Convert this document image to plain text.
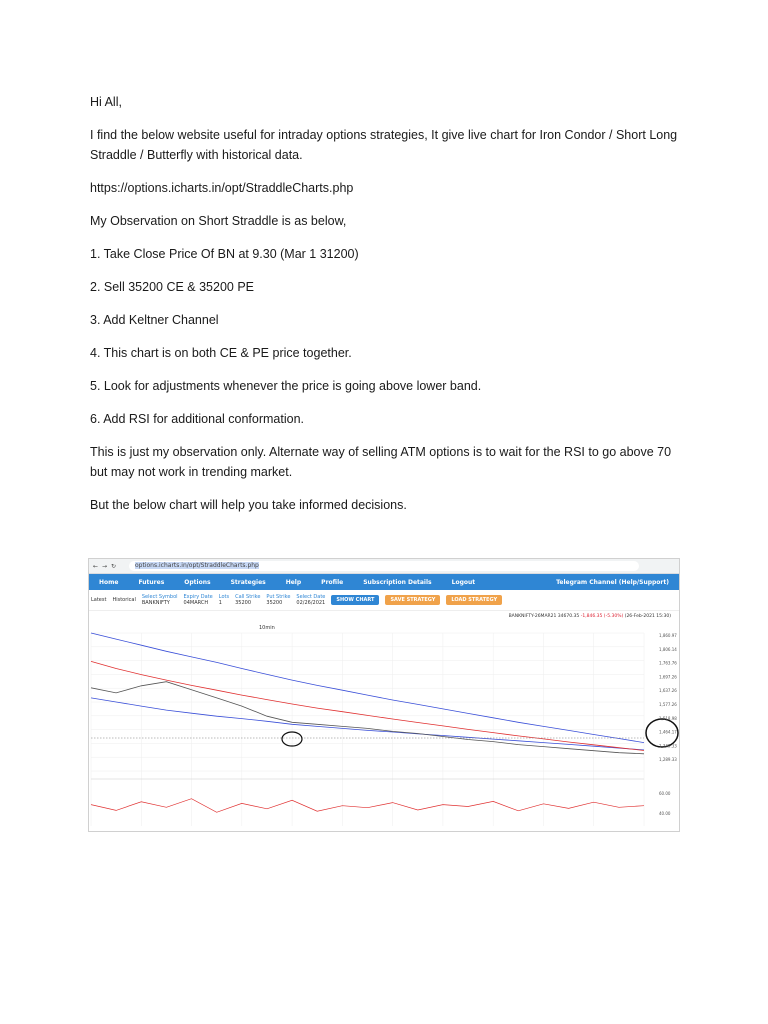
Hi All,

I find the below website useful for intraday options strategies, It give live chart for Iron Condor / Short Long Straddle / Butterfly with historical data.

https://options.icharts.in/opt/StraddleCharts.php

My Observation on Short Straddle is as below,

1. Take Close Price Of BN at 9.30 (Mar 1 31200)

2. Sell 35200 CE & 35200 PE

3. Add Keltner Channel

4. This chart is on both CE & PE price together.

5. Look for adjustments whenever the price is going above lower band.

6. Add RSI for additional conformation.

This is just my observation only. Alternate way of selling ATM options is to wait for the RSI to go above 70 but may not work in trending market.

But the below chart will help you take informed decisions.

←→↻	options.icharts.in/opt/StraddleCharts.php
Home	Futures	Options	Strategies	Help	Profile	Subscription Details	Logout	Telegram Channel (Help/Support)
Latest Historical Select Symbol
BANKNIFTY
Expiry Date
04MARCH
Lots
1
Call Strike
35200
Put Strike
35200
Select Date
02/26/2021	SHOW CHART	SAVE STRATEGY	LOAD STRATEGY
BANKNIFTY-26MAR21 34670.35 -1,846.35 (-5.30%) (26-Feb-2021 15:30)
10min
1,860.97
1,806.14
1,763.76
1,697.26
1,637.26
1,577.26
1,518.98
1,464.17
1,349.33
1,289.33
60.00
40.00
